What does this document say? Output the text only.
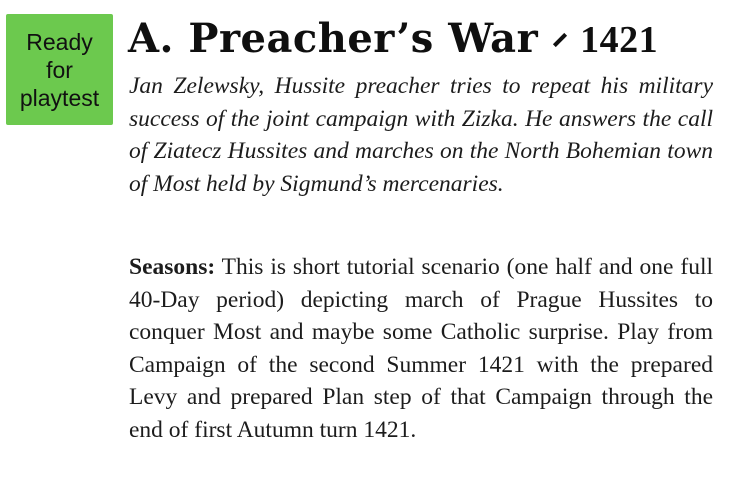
Ready
for
playtest
A. Preacher’s War 1421

Jan Zelewsky, Hussite preacher tries to repeat his military success of the joint campaign with Zizka. He answers the call of Ziatecz Hussites and marches on the North Bohemian town of Most held by Sigmund’s mercenaries.

Seasons: This is short tutorial scenario (one half and one full 40-Day period) depicting march of Prague Hussites to conquer Most and maybe some Catholic surprise. Play from Campaign of the second Summer 1421 with the prepared Levy and prepared Plan step of that Campaign through the end of first Autumn turn 1421.
